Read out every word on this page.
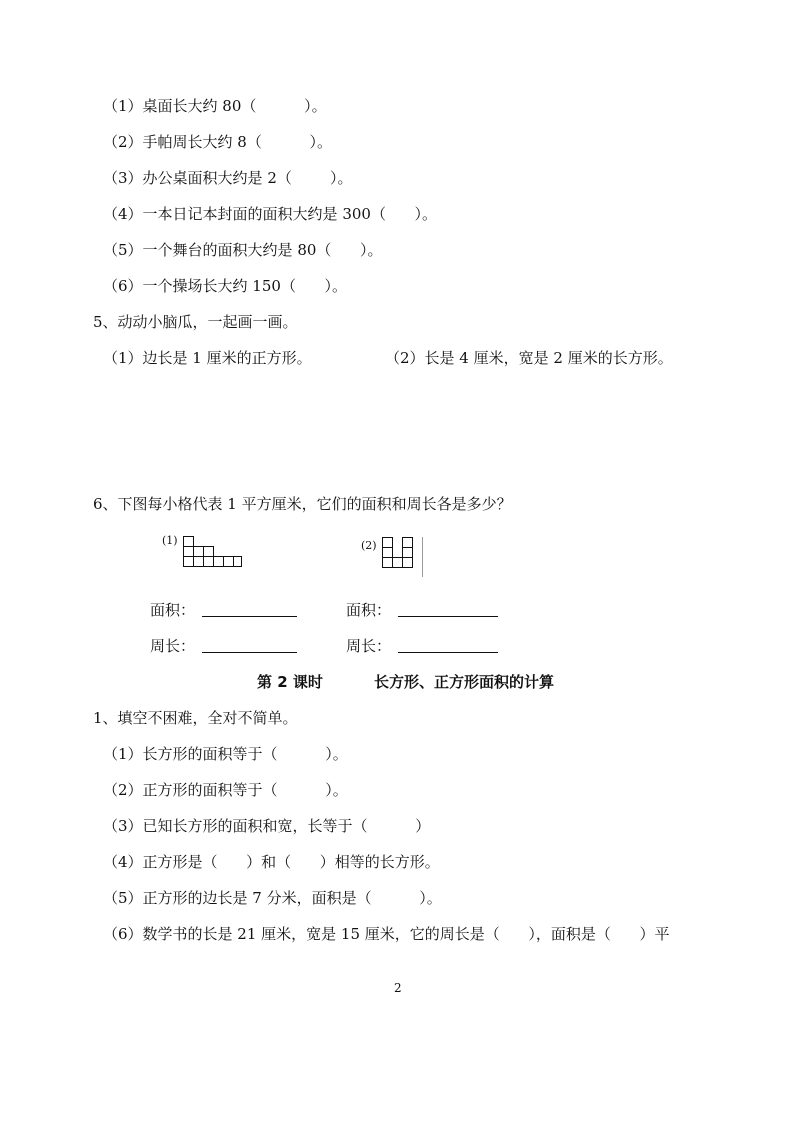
（1）桌面长大约 80（          ）。
（2）手帕周长大约 8（          ）。
（3）办公桌面积大约是 2（        ）。
（4）一本日记本封面的面积大约是 300（      ）。
（5）一个舞台的面积大约是 80（      ）。
（6）一个操场长大约 150（      ）。
5、动动小脑瓜，一起画一画。
（1）边长是 1 厘米的正方形。	（2）长是 4 厘米，宽是 2 厘米的长方形。
6、下图每小格代表 1 平方厘米，它们的面积和周长各是多少？
(1)	(2)
面积：	面积：
周长：	周长：
第 2 课时	长方形、正方形面积的计算
1、填空不困难，全对不简单。
（1）长方形的面积等于（          ）。
（2）正方形的面积等于（          ）。
（3）已知长方形的面积和宽，长等于（          ）
（4）正方形是（      ）和（      ）相等的长方形。
（5）正方形的边长是 7 分米，面积是（          ）。
（6）数学书的长是 21 厘米，宽是 15 厘米，它的周长是（      ），面积是（      ）平
2
